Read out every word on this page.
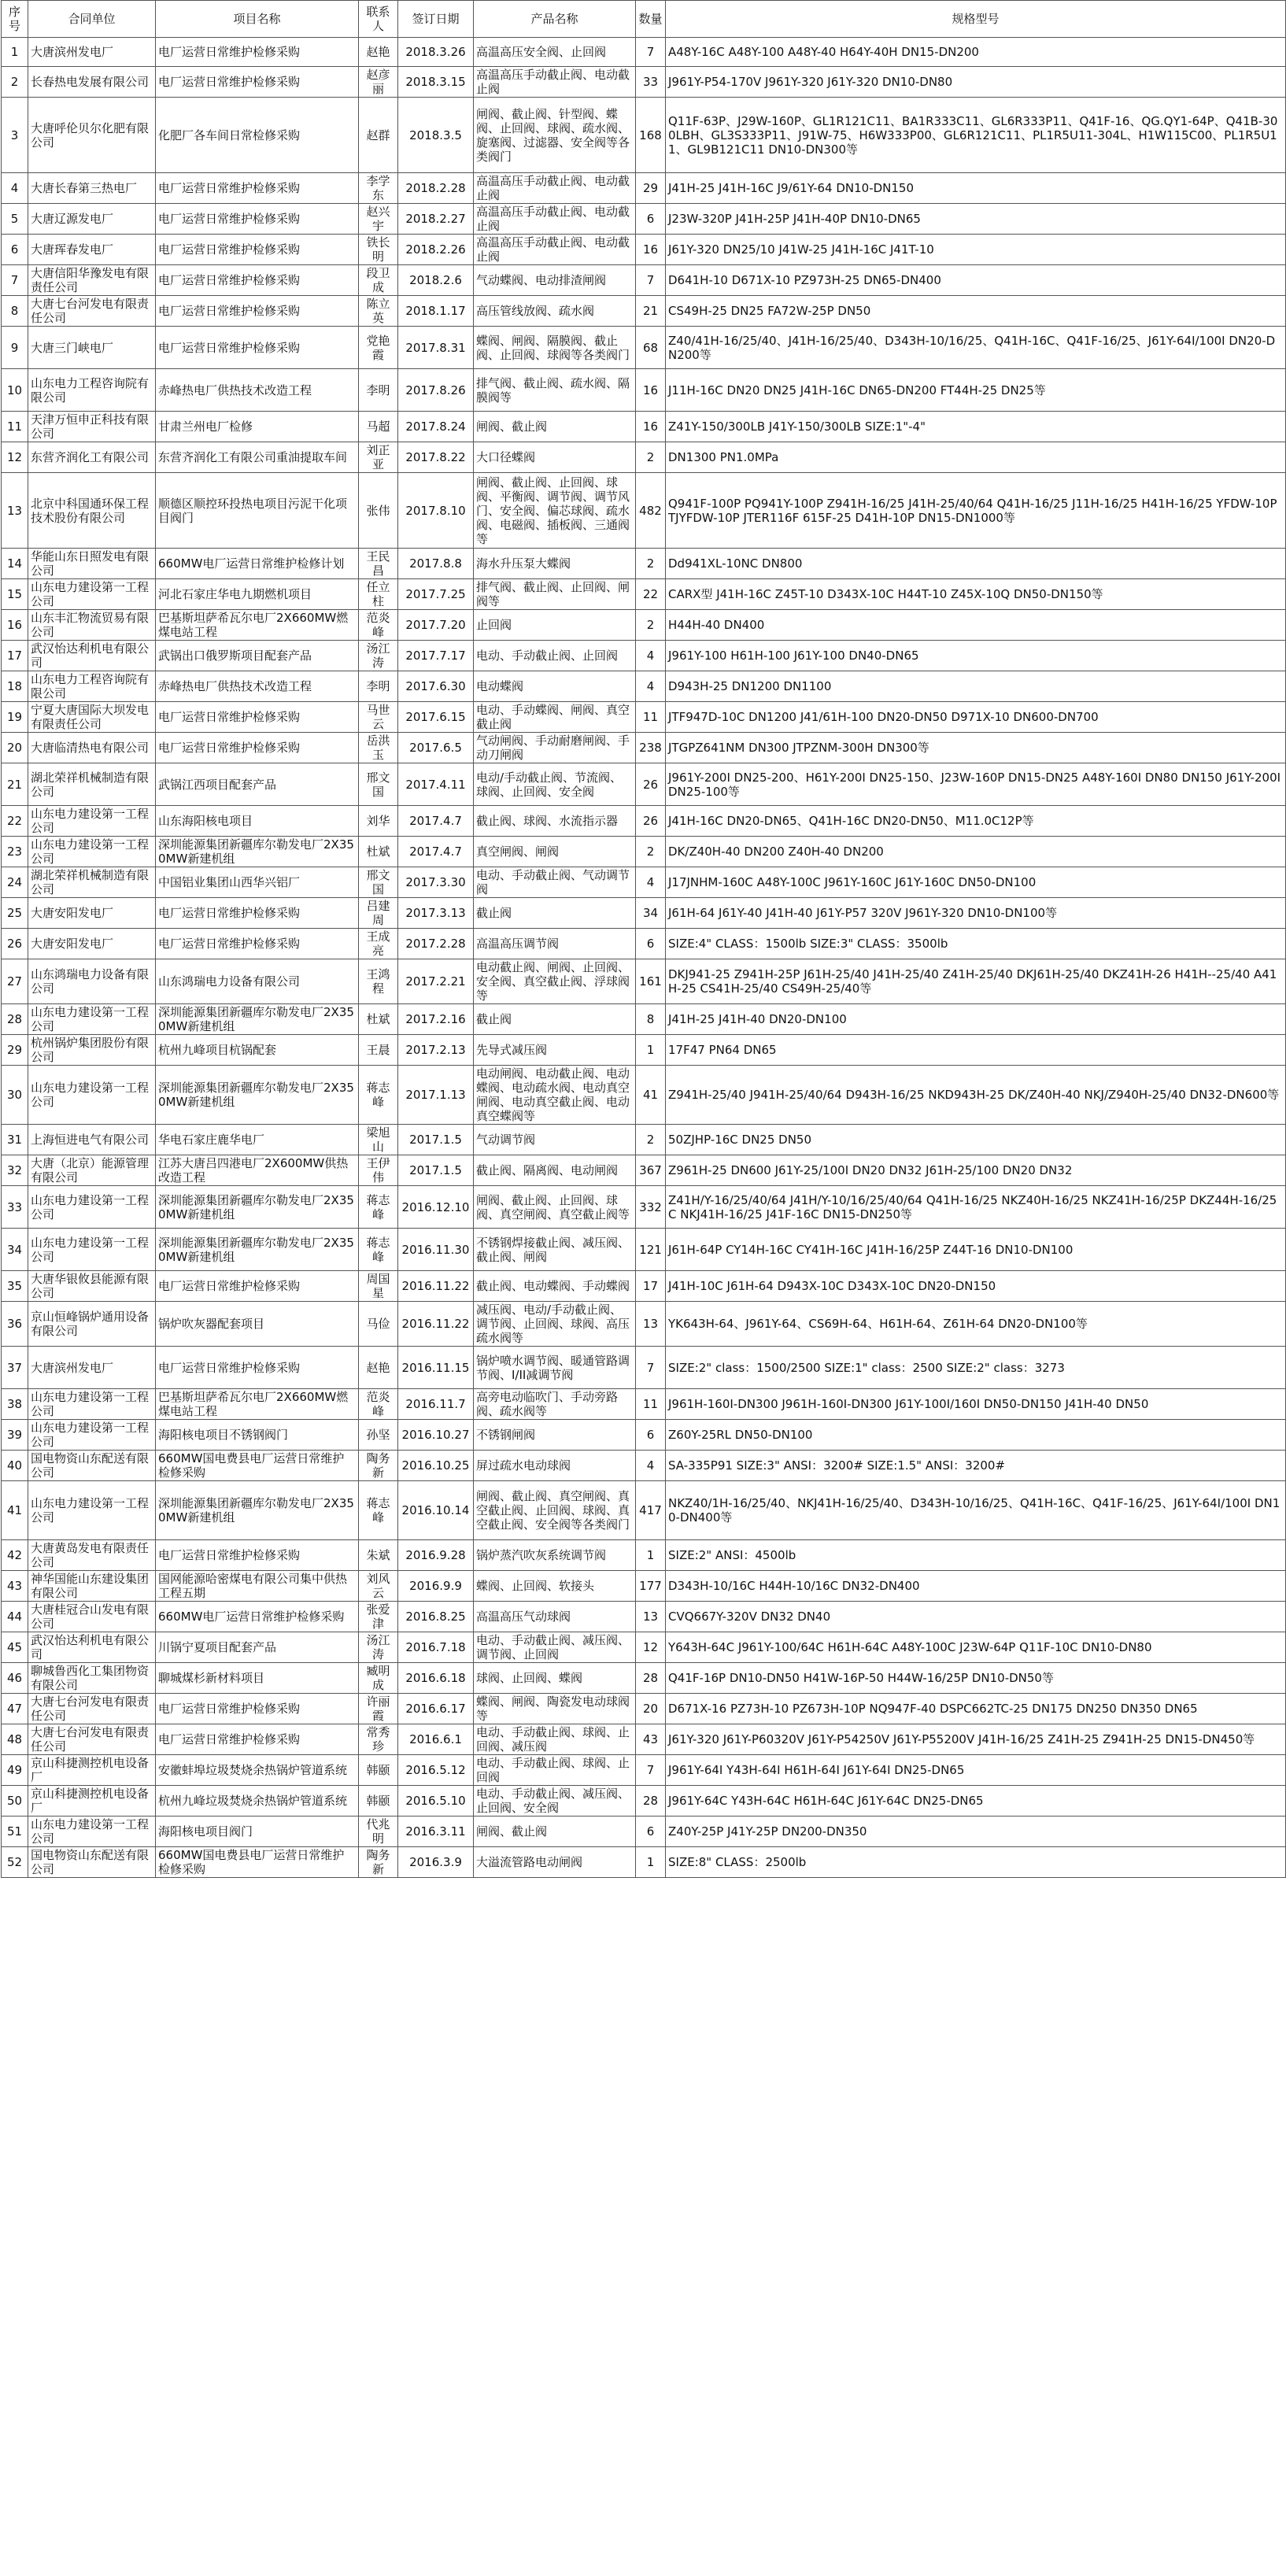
序号	合同单位	项目名称	联系人	签订日期	产品名称	数量	规格型号
1	大唐滨州发电厂	电厂运营日常维护检修采购	赵艳	2018.3.26	高温高压安全阀、止回阀	7	A48Y-16C A48Y-100 A48Y-40 H64Y-40H DN15-DN200
2	长春热电发展有限公司	电厂运营日常维护检修采购	赵彦丽	2018.3.15	高温高压手动截止阀、电动截止阀	33	J961Y-P54-170V J961Y-320 J61Y-320 DN10-DN80
3	大唐呼伦贝尔化肥有限公司	化肥厂各车间日常检修采购	赵群	2018.3.5	闸阀、截止阀、针型阀、蝶阀、止回阀、球阀、疏水阀、旋塞阀、过滤器、安全阀等各类阀门	168	Q11F-63P、J29W-160P、GL1R121C11、BA1R333C11、GL6R333P11、Q41F-16、QG.QY1-64P、Q41B-300LBH、GL3S333P11、J91W-75、H6W333P00、GL6R121C11、PL1R5U11-304L、H1W115C00、PL1R5U11、GL9B121C11 DN10-DN300等
4	大唐长春第三热电厂	电厂运营日常维护检修采购	李学东	2018.2.28	高温高压手动截止阀、电动截止阀	29	J41H-25 J41H-16C J9/61Y-64 DN10-DN150
5	大唐辽源发电厂	电厂运营日常维护检修采购	赵兴宇	2018.2.27	高温高压手动截止阀、电动截止阀	6	J23W-320P J41H-25P J41H-40P DN10-DN65
6	大唐珲春发电厂	电厂运营日常维护检修采购	铁长明	2018.2.26	高温高压手动截止阀、电动截止阀	16	J61Y-320 DN25/10 J41W-25 J41H-16C J41T-10
7	大唐信阳华豫发电有限责任公司	电厂运营日常维护检修采购	段卫成	2018.2.6	气动蝶阀、电动排渣闸阀	7	D641H-10 D671X-10 PZ973H-25 DN65-DN400
8	大唐七台河发电有限责任公司	电厂运营日常维护检修采购	陈立英	2018.1.17	高压管线放阀、疏水阀	21	CS49H-25 DN25 FA72W-25P DN50
9	大唐三门峡电厂	电厂运营日常维护检修采购	党艳霞	2017.8.31	蝶阀、闸阀、隔膜阀、截止阀、止回阀、球阀等各类阀门	68	Z40/41H-16/25/40、J41H-16/25/40、D343H-10/16/25、Q41H-16C、Q41F-16/25、J61Y-64I/100I DN20-DN200等
10	山东电力工程咨询院有限公司	赤峰热电厂供热技术改造工程	李明	2017.8.26	排气阀、截止阀、疏水阀、隔膜阀等	16	J11H-16C DN20 DN25 J41H-16C DN65-DN200 FT44H-25 DN25等
11	天津万恒申正科技有限公司	甘肃兰州电厂检修	马超	2017.8.24	闸阀、截止阀	16	Z41Y-150/300LB J41Y-150/300LB SIZE:1"-4"
12	东营齐润化工有限公司	东营齐润化工有限公司重油提取车间	刘正亚	2017.8.22	大口径蝶阀	2	DN1300 PN1.0MPa
13	北京中科国通环保工程技术股份有限公司	顺德区顺控环投热电项目污泥干化项目阀门	张伟	2017.8.10	闸阀、截止阀、止回阀、球阀、平衡阀、调节阀、调节风门、安全阀、偏芯球阀、疏水阀、电磁阀、插板阀、三通阀等	482	Q941F-100P PQ941Y-100P Z941H-16/25 J41H-25/40/64 Q41H-16/25 J11H-16/25 H41H-16/25 YFDW-10P TJYFDW-10P JTER116F 615F-25 D41H-10P DN15-DN1000等
14	华能山东日照发电有限公司	660MW电厂运营日常维护检修计划	王民昌	2017.8.8	海水升压泵大蝶阀	2	Dd941XL-10NC DN800
15	山东电力建设第一工程公司	河北石家庄华电九期燃机项目	任立柱	2017.7.25	排气阀、截止阀、止回阀、闸阀等	22	CARX型 J41H-16C Z45T-10 D343X-10C H44T-10 Z45X-10Q DN50-DN150等
16	山东丰汇物流贸易有限公司	巴基斯坦萨希瓦尔电厂2X660MW燃煤电站工程	范炎峰	2017.7.20	止回阀	2	H44H-40 DN400
17	武汉怡达利机电有限公司	武锅出口俄罗斯项目配套产品	汤江涛	2017.7.17	电动、手动截止阀、止回阀	4	J961Y-100 H61H-100 J61Y-100 DN40-DN65
18	山东电力工程咨询院有限公司	赤峰热电厂供热技术改造工程	李明	2017.6.30	电动蝶阀	4	D943H-25 DN1200 DN1100
19	宁夏大唐国际大坝发电有限责任公司	电厂运营日常维护检修采购	马世云	2017.6.15	电动、手动蝶阀、闸阀、真空截止阀	11	JTF947D-10C DN1200 J41/61H-100 DN20-DN50 D971X-10 DN600-DN700
20	大唐临清热电有限公司	电厂运营日常维护检修采购	岳洪玉	2017.6.5	气动闸阀、手动耐磨闸阀、手动刀闸阀	238	JTGPZ641NM DN300 JTPZNM-300H DN300等
21	湖北荣祥机械制造有限公司	武锅江西项目配套产品	邢文国	2017.4.11	电动/手动截止阀、节流阀、球阀、止回阀、安全阀	26	J961Y-200I DN25-200、H61Y-200I DN25-150、J23W-160P DN15-DN25 A48Y-160I DN80 DN150 J61Y-200I DN25-100等
22	山东电力建设第一工程公司	山东海阳核电项目	刘华	2017.4.7	截止阀、球阀、水流指示器	26	J41H-16C DN20-DN65、Q41H-16C DN20-DN50、M11.0C12P等
23	山东电力建设第一工程公司	深圳能源集团新疆库尔勒发电厂2X350MW新建机组	杜斌	2017.4.7	真空闸阀、闸阀	2	DK/Z40H-40 DN200 Z40H-40 DN200
24	湖北荣祥机械制造有限公司	中国铝业集团山西华兴铝厂	邢文国	2017.3.30	电动、手动截止阀、气动调节阀	4	J17JNHM-160C A48Y-100C J961Y-160C J61Y-160C DN50-DN100
25	大唐安阳发电厂	电厂运营日常维护检修采购	吕建周	2017.3.13	截止阀	34	J61H-64 J61Y-40 J41H-40 J61Y-P57 320V J961Y-320 DN10-DN100等
26	大唐安阳发电厂	电厂运营日常维护检修采购	王成亮	2017.2.28	高温高压调节阀	6	SIZE:4" CLASS：1500lb SIZE:3" CLASS：3500lb
27	山东鸿瑞电力设备有限公司	山东鸿瑞电力设备有限公司	王鸿程	2017.2.21	电动截止阀、闸阀、止回阀、安全阀、真空截止阀、浮球阀等	161	DKJ941-25 Z941H-25P J61H-25/40 J41H-25/40 Z41H-25/40 DKJ61H-25/40 DKZ41H-26 H41H--25/40 A41H-25 CS41H-25/40 CS49H-25/40等
28	山东电力建设第一工程公司	深圳能源集团新疆库尔勒发电厂2X350MW新建机组	杜斌	2017.2.16	截止阀	8	J41H-25 J41H-40 DN20-DN100
29	杭州锅炉集团股份有限公司	杭州九峰项目杭锅配套	王晨	2017.2.13	先导式减压阀	1	17F47 PN64 DN65
30	山东电力建设第一工程公司	深圳能源集团新疆库尔勒发电厂2X350MW新建机组	蒋志峰	2017.1.13	电动闸阀、电动截止阀、电动蝶阀、电动疏水阀、电动真空闸阀、电动真空截止阀、电动真空蝶阀等	41	Z941H-25/40 J941H-25/40/64 D943H-16/25 NKD943H-25 DK/Z40H-40 NKJ/Z940H-25/40 DN32-DN600等
31	上海恒进电气有限公司	华电石家庄鹿华电厂	梁旭山	2017.1.5	气动调节阀	2	50ZJHP-16C DN25 DN50
32	大唐（北京）能源管理有限公司	江苏大唐吕四港电厂2X600MW供热改造工程	王伊伟	2017.1.5	截止阀、隔离阀、电动闸阀	367	Z961H-25 DN600 J61Y-25/100I DN20 DN32 J61H-25/100 DN20 DN32
33	山东电力建设第一工程公司	深圳能源集团新疆库尔勒发电厂2X350MW新建机组	蒋志峰	2016.12.10	闸阀、截止阀、止回阀、球阀、真空闸阀、真空截止阀等	332	Z41H/Y-16/25/40/64 J41H/Y-10/16/25/40/64 Q41H-16/25 NKZ40H-16/25 NKZ41H-16/25P DKZ44H-16/25C NKJ41H-16/25 J41F-16C DN15-DN250等
34	山东电力建设第一工程公司	深圳能源集团新疆库尔勒发电厂2X350MW新建机组	蒋志峰	2016.11.30	不锈钢焊接截止阀、减压阀、截止阀、闸阀	121	J61H-64P CY14H-16C CY41H-16C J41H-16/25P Z44T-16 DN10-DN100
35	大唐华银攸县能源有限公司	电厂运营日常维护检修采购	周国星	2016.11.22	截止阀、电动蝶阀、手动蝶阀	17	J41H-10C J61H-64 D943X-10C D343X-10C DN20-DN150
36	京山恒峰锅炉通用设备有限公司	锅炉吹灰器配套项目	马俭	2016.11.22	减压阀、电动/手动截止阀、调节阀、止回阀、球阀、高压疏水阀等	13	YK643H-64、J961Y-64、CS69H-64、H61H-64、Z61H-64 DN20-DN100等
37	大唐滨州发电厂	电厂运营日常维护检修采购	赵艳	2016.11.15	锅炉喷水调节阀、暖通管路调节阀、I/II减调节阀	7	SIZE:2" class：1500/2500 SIZE:1" class：2500 SIZE:2" class：3273
38	山东电力建设第一工程公司	巴基斯坦萨希瓦尔电厂2X660MW燃煤电站工程	范炎峰	2016.11.7	高旁电动临吹门、手动旁路阀、疏水阀等	11	J961H-160I-DN300 J961H-160I-DN300 J61Y-100I/160I DN50-DN150 J41H-40 DN50
39	山东电力建设第一工程公司	海阳核电项目不锈钢阀门	孙坚	2016.10.27	不锈钢闸阀	6	Z60Y-25RL DN50-DN100
40	国电物资山东配送有限公司	660MW国电费县电厂运营日常维护检修采购	陶务新	2016.10.25	屏过疏水电动球阀	4	SA-335P91 SIZE:3" ANSI：3200# SIZE:1.5" ANSI：3200#
41	山东电力建设第一工程公司	深圳能源集团新疆库尔勒发电厂2X350MW新建机组	蒋志峰	2016.10.14	闸阀、截止阀、真空闸阀、真空截止阀、止回阀、球阀、真空截止阀、安全阀等各类阀门	417	NKZ40/1H-16/25/40、NKJ41H-16/25/40、D343H-10/16/25、Q41H-16C、Q41F-16/25、J61Y-64I/100I DN10-DN400等
42	大唐黄岛发电有限责任公司	电厂运营日常维护检修采购	朱斌	2016.9.28	锅炉蒸汽吹灰系统调节阀	1	SIZE:2" ANSI：4500lb
43	神华国能山东建设集团有限公司	国网能源哈密煤电有限公司集中供热工程五期	刘风云	2016.9.9	蝶阀、止回阀、软接头	177	D343H-10/16C H44H-10/16C DN32-DN400
44	大唐桂冠合山发电有限公司	660MW电厂运营日常维护检修采购	张爱津	2016.8.25	高温高压气动球阀	13	CVQ667Y-320V DN32 DN40
45	武汉怡达利机电有限公司	川锅宁夏项目配套产品	汤江涛	2016.7.18	电动、手动截止阀、减压阀、调节阀、止回阀	12	Y643H-64C J961Y-100/64C H61H-64C A48Y-100C J23W-64P Q11F-10C DN10-DN80
46	聊城鲁西化工集团物资有限公司	聊城煤杉新材料项目	臧明成	2016.6.18	球阀、止回阀、蝶阀	28	Q41F-16P DN10-DN50 H41W-16P-50 H44W-16/25P DN10-DN50等
47	大唐七台河发电有限责任公司	电厂运营日常维护检修采购	许丽霞	2016.6.17	蝶阀、闸阀、陶瓷发电动球阀等	20	D671X-16 PZ73H-10 PZ673H-10P NQ947F-40 DSPC662TC-25 DN175 DN250 DN350 DN65
48	大唐七台河发电有限责任公司	电厂运营日常维护检修采购	常秀珍	2016.6.1	电动、手动截止阀、球阀、止回阀、减压阀	43	J61Y-320 J61Y-P60320V J61Y-P54250V J61Y-P55200V J41H-16/25 Z41H-25 Z941H-25 DN15-DN450等
49	京山科捷测控机电设备厂	安徽蚌埠垃圾焚烧余热锅炉管道系统	韩颐	2016.5.12	电动、手动截止阀、球阀、止回阀	7	J961Y-64I Y43H-64I H61H-64I J61Y-64I DN25-DN65
50	京山科捷测控机电设备厂	杭州九峰垃圾焚烧余热锅炉管道系统	韩颐	2016.5.10	电动、手动截止阀、减压阀、止回阀、安全阀	28	J961Y-64C Y43H-64C H61H-64C J61Y-64C DN25-DN65
51	山东电力建设第一工程公司	海阳核电项目阀门	代兆明	2016.3.11	闸阀、截止阀	6	Z40Y-25P J41Y-25P DN200-DN350
52	国电物资山东配送有限公司	660MW国电费县电厂运营日常维护检修采购	陶务新	2016.3.9	大溢流管路电动闸阀	1	SIZE:8" CLASS：2500lb
